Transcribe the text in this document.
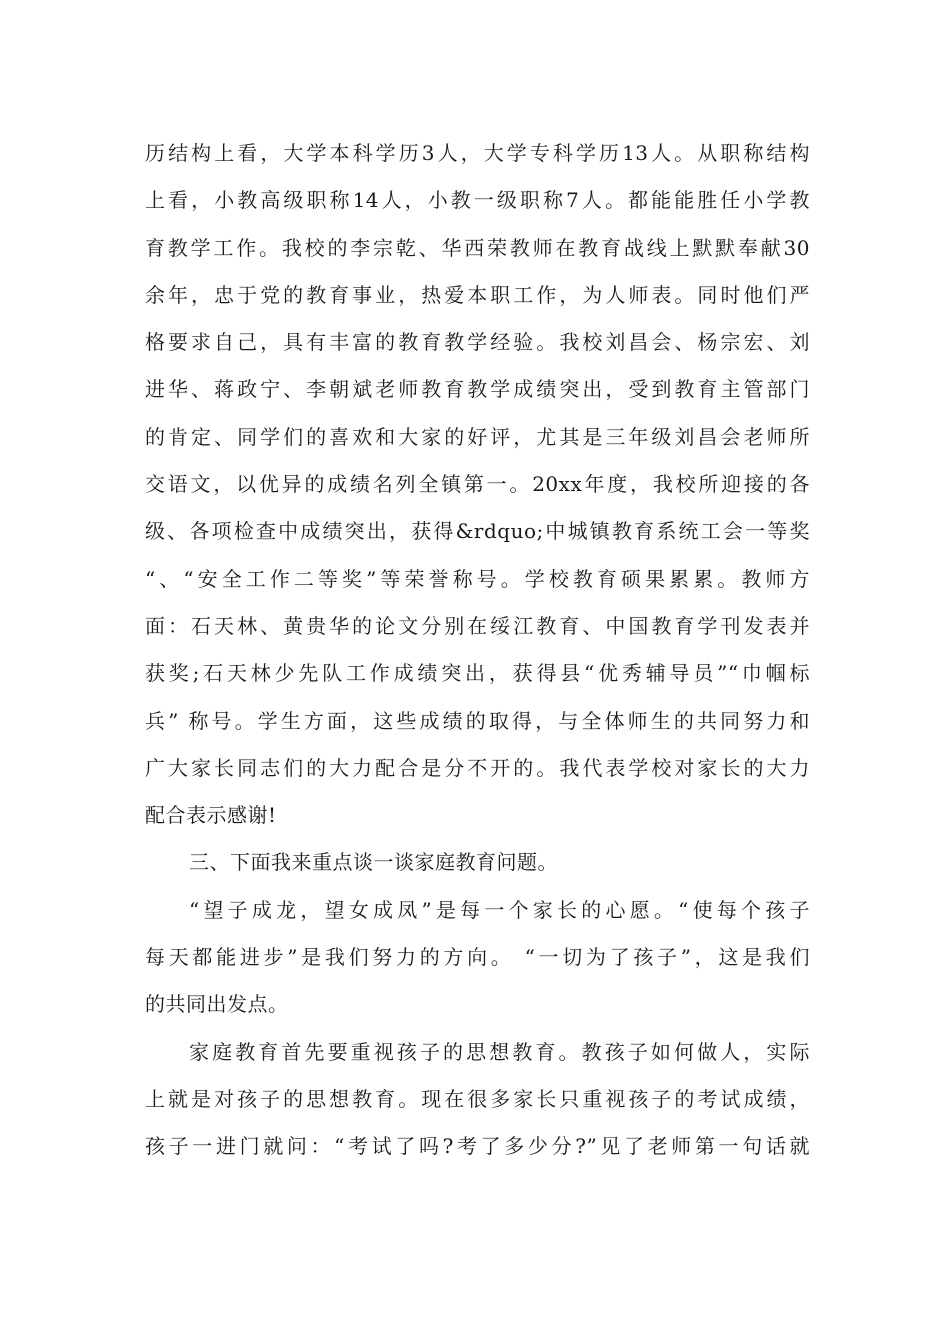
历结构上看，大学本科学历3人，大学专科学历13人。从职称结构
上看，小教高级职称14人，小教一级职称7人。都能能胜任小学教
育教学工作。我校的李宗乾、华西荣教师在教育战线上默默奉献30
余年，忠于党的教育事业，热爱本职工作，为人师表。同时他们严
格要求自己，具有丰富的教育教学经验。我校刘昌会、杨宗宏、刘
进华、蒋政宁、李朝斌老师教育教学成绩突出，受到教育主管部门
的肯定、同学们的喜欢和大家的好评，尤其是三年级刘昌会老师所
交语文，以优异的成绩名列全镇第一。20xx年度，我校所迎接的各
级、各项检查中成绩突出，获得&rdquo;中城镇教育系统工会一等奖
“、“安全工作二等奖”等荣誉称号。学校教育硕果累累。教师方
面：石天林、黄贵华的论文分别在绥江教育、中国教育学刊发表并
获奖;石天林少先队工作成绩突出，获得县“优秀辅导员”“巾帼标
兵” 称号。学生方面，这些成绩的取得，与全体师生的共同努力和
广大家长同志们的大力配合是分不开的。我代表学校对家长的大力
配合表示感谢!
三、下面我来重点谈一谈家庭教育问题。
“望子成龙，望女成凤”是每一个家长的心愿。“使每个孩子
每天都能进步”是我们努力的方向。 “一切为了孩子”，这是我们
的共同出发点。
家庭教育首先要重视孩子的思想教育。教孩子如何做人，实际
上就是对孩子的思想教育。现在很多家长只重视孩子的考试成绩，
孩子一进门就问：“考试了吗?考了多少分?”见了老师第一句话就
